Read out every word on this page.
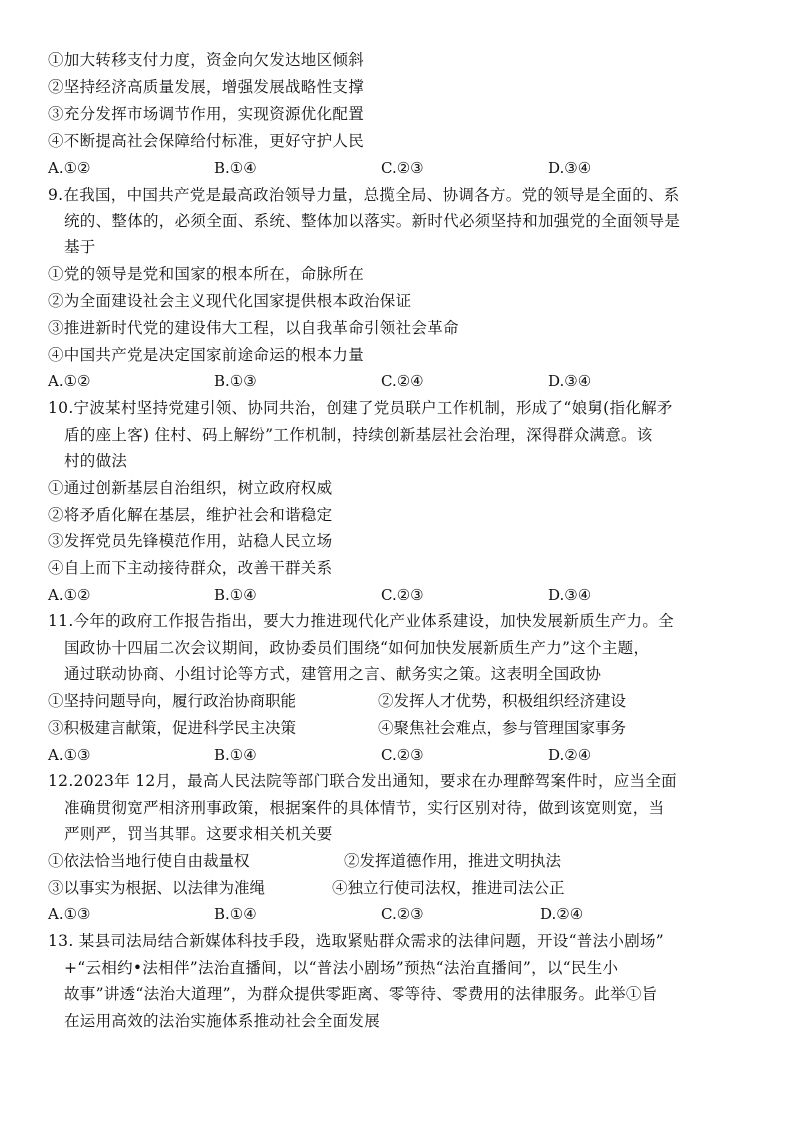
①加大转移支付力度，资金向欠发达地区倾斜
②坚持经济高质量发展，增强发展战略性支撑
③充分发挥市场调节作用，实现资源优化配置
④不断提高社会保障给付标准，更好守护人民
A.①②	B.①④	C.②③	D.③④
9.在我国，中国共产党是最高政治领导力量，总揽全局、协调各方。党的领导是全面的、系
统的、整体的，必须全面、系统、整体加以落实。新时代必须坚持和加强党的全面领导是
基于
①党的领导是党和国家的根本所在，命脉所在
②为全面建设社会主义现代化国家提供根本政治保证
③推进新时代党的建设伟大工程，以自我革命引领社会革命
④中国共产党是决定国家前途命运的根本力量
A.①②	B.①③	C.②④	D.③④
10.宁波某村坚持党建引领、协同共治，创建了党员联户工作机制，形成了“娘舅(指化解矛
盾的座上客) 住村、码上解纷”工作机制，持续创新基层社会治理，深得群众满意。该
村的做法
①通过创新基层自治组织，树立政府权威
②将矛盾化解在基层，维护社会和谐稳定
③发挥党员先锋模范作用，站稳人民立场
④自上而下主动接待群众，改善干群关系
A.①②	B.①④	C.②③	D.③④
11.今年的政府工作报告指出，要大力推进现代化产业体系建设，加快发展新质生产力。全
国政协十四届二次会议期间，政协委员们围绕“如何加快发展新质生产力”这个主题，
通过联动协商、小组讨论等方式，建管用之言、献务实之策。这表明全国政协
①坚持问题导向，履行政治协商职能	②发挥人才优势，积极组织经济建设
③积极建言献策，促进科学民主决策	④聚焦社会难点，参与管理国家事务
A.①③	B.①④	C.②③	D.②④
12.2023年 12月，最高人民法院等部门联合发出通知，要求在办理醉驾案件时，应当全面
准确贯彻宽严相济刑事政策，根据案件的具体情节，实行区别对待，做到该宽则宽，当
严则严，罚当其罪。这要求相关机关要
①依法恰当地行使自由裁量权	②发挥道德作用，推进文明执法
③以事实为根据、以法律为准绳	④独立行使司法权，推进司法公正
A.①③	B.①④	C.②③	D.②④
13. 某县司法局结合新媒体科技手段，选取紧贴群众需求的法律问题，开设“普法小剧场”
+“云相约•法相伴”法治直播间，以“普法小剧场”预热“法治直播间”，以“民生小
故事”讲透“法治大道理”，为群众提供零距离、零等待、零费用的法律服务。此举①旨
在运用高效的法治实施体系推动社会全面发展
